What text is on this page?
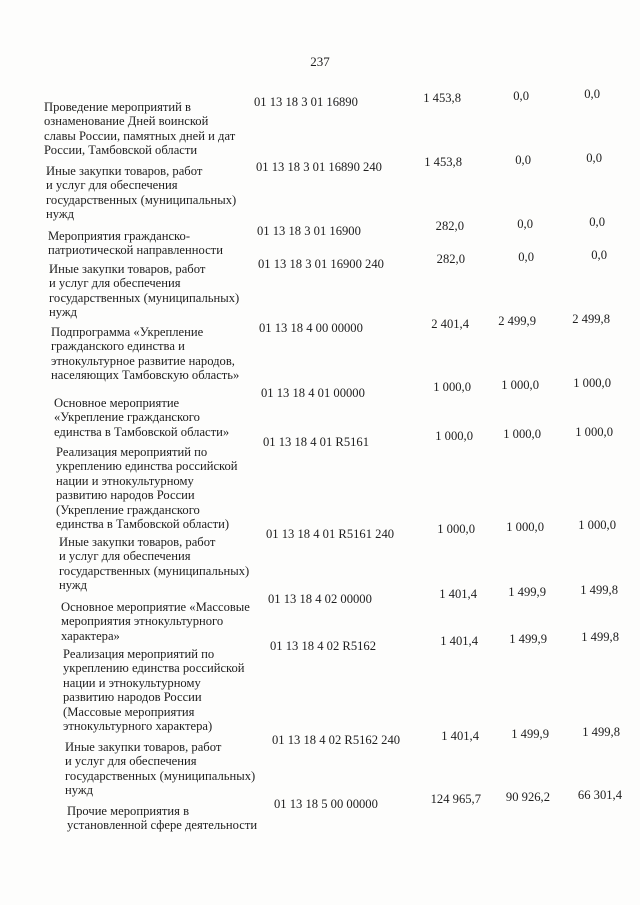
237
Проведение мероприятий в
ознаменование Дней воинской
славы России, памятных дней и дат
России, Тамбовской области
01 13 18 3 01 16890	1 453,8	0,0	0,0
Иные закупки товаров, работ
и услуг для обеспечения
государственных (муниципальных)
нужд
01 13 18 3 01 16890 240	1 453,8	0,0	0,0
Мероприятия гражданско-
патриотической направленности
01 13 18 3 01 16900	282,0	0,0	0,0
Иные закупки товаров, работ
и услуг для обеспечения
государственных (муниципальных)
нужд
01 13 18 3 01 16900 240	282,0	0,0	0,0
Подпрограмма «Укрепление
гражданского единства и
этнокультурное развитие народов,
населяющих Тамбовскую область»
01 13 18 4 00 00000	2 401,4	2 499,9	2 499,8
Основное мероприятие
«Укрепление гражданского
единства в Тамбовской области»
01 13 18 4 01 00000	1 000,0	1 000,0	1 000,0
Реализация мероприятий по
укреплению единства российской
нации и этнокультурному
развитию народов России
(Укрепление гражданского
единства в Тамбовской области)
01 13 18 4 01 R5161	1 000,0	1 000,0	1 000,0
Иные закупки товаров, работ
и услуг для обеспечения
государственных (муниципальных)
нужд
01 13 18 4 01 R5161 240	1 000,0	1 000,0	1 000,0
Основное мероприятие «Массовые
мероприятия этнокультурного
характера»
01 13 18 4 02 00000	1 401,4	1 499,9	1 499,8
Реализация мероприятий по
укреплению единства российской
нации и этнокультурному
развитию народов России
(Массовые мероприятия
этнокультурного характера)
01 13 18 4 02 R5162	1 401,4	1 499,9	1 499,8
Иные закупки товаров, работ
и услуг для обеспечения
государственных (муниципальных)
нужд
01 13 18 4 02 R5162 240	1 401,4	1 499,9	1 499,8
Прочие мероприятия в
установленной сфере деятельности
01 13 18 5 00 00000	124 965,7	90 926,2	66 301,4
